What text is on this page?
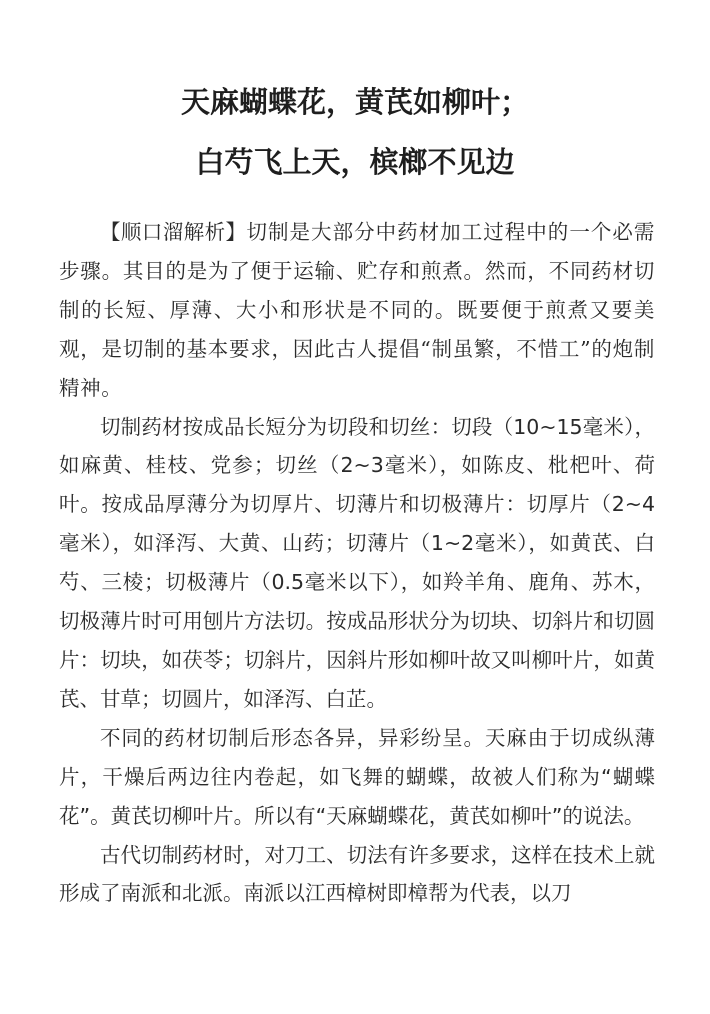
天麻蝴蝶花，黄芪如柳叶；
白芍飞上天，槟榔不见边

【顺口溜解析】切制是大部分中药材加工过程中的一个必需步骤。其目的是为了便于运输、贮存和煎煮。然而，不同药材切制的长短、厚薄、大小和形状是不同的。既要便于煎煮又要美观，是切制的基本要求，因此古人提倡“制虽繁，不惜工”的炮制精神。

切制药材按成品长短分为切段和切丝：切段（10~15毫米），如麻黄、桂枝、党参；切丝（2~3毫米），如陈皮、枇杷叶、荷叶。按成品厚薄分为切厚片、切薄片和切极薄片：切厚片（2~4毫米），如泽泻、大黄、山药；切薄片（1~2毫米），如黄芪、白芍、三棱；切极薄片（0.5毫米以下），如羚羊角、鹿角、苏木，切极薄片时可用刨片方法切。按成品形状分为切块、切斜片和切圆片：切块，如茯苓；切斜片，因斜片形如柳叶故又叫柳叶片，如黄芪、甘草；切圆片，如泽泻、白芷。

不同的药材切制后形态各异，异彩纷呈。天麻由于切成纵薄片，干燥后两边往内卷起，如飞舞的蝴蝶，故被人们称为“蝴蝶花”。黄芪切柳叶片。所以有“天麻蝴蝶花，黄芪如柳叶”的说法。

古代切制药材时，对刀工、切法有许多要求，这样在技术上就形成了南派和北派。南派以江西樟树即樟帮为代表，以刀
